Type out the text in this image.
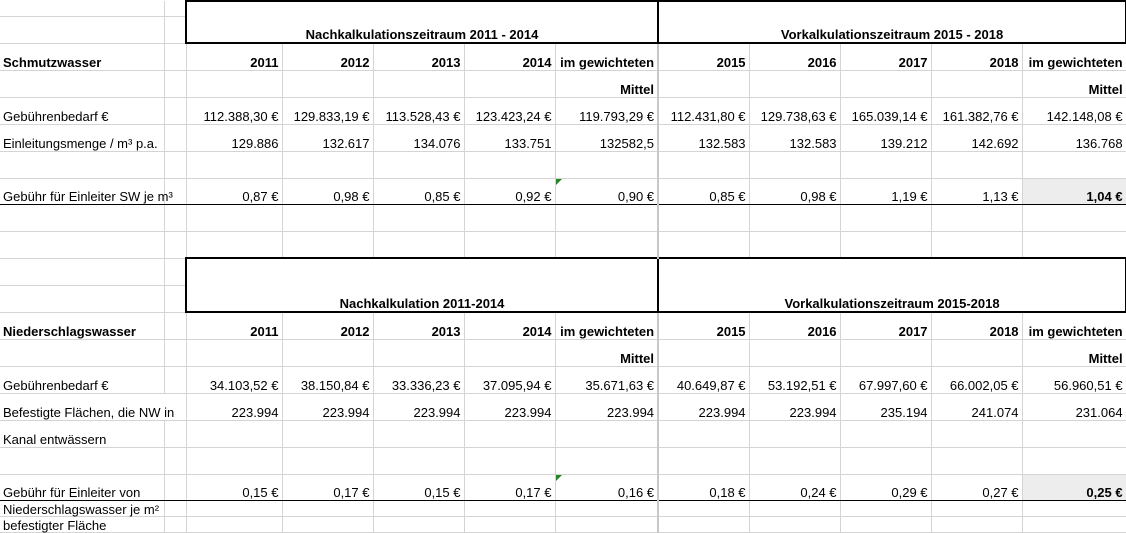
		Nachkalkulationszeitraum 2011 - 2014					Vorkalkulationszeitraum 2015 - 2018				
Schmutzwasser		2011	2012	2013	2014	im gewichteten	2015	2016	2017	2018	im gewichteten
						Mittel					Mittel
Gebührenbedarf €		112.388,30 €	129.833,19 €	113.528,43 €	123.423,24 €	119.793,29 €	112.431,80 €	129.738,63 €	165.039,14 €	161.382,76 €	142.148,08 €
Einleitungsmenge / m³ p.a.		129.886	132.617	134.076	133.751	132582,5	132.583	132.583	139.212	142.692	136.768

Gebühr für Einleiter SW je m³		0,87 €	0,98 €	0,85 €	0,92 €	0,90 €	0,85 €	0,98 €	1,19 €	1,13 €	1,04 €

		Nachkalkulation 2011-2014					Vorkalkulationszeitraum 2015-2018				
Niederschlagswasser		2011	2012	2013	2014	im gewichteten	2015	2016	2017	2018	im gewichteten
						Mittel					Mittel
Gebührenbedarf €		34.103,52 €	38.150,84 €	33.336,23 €	37.095,94 €	35.671,63 €	40.649,87 €	53.192,51 €	67.997,60 €	66.002,05 €	56.960,51 €
Befestigte Flächen, die NW in		223.994	223.994	223.994	223.994	223.994	223.994	223.994	235.194	241.074	231.064
Kanal entwässern											

Gebühr für Einleiter von		0,15 €	0,17 €	0,15 €	0,17 €	0,16 €	0,18 €	0,24 €	0,29 €	0,27 €	0,25 €
Niederschlagswasser je m²											
befestigter Fläche											
